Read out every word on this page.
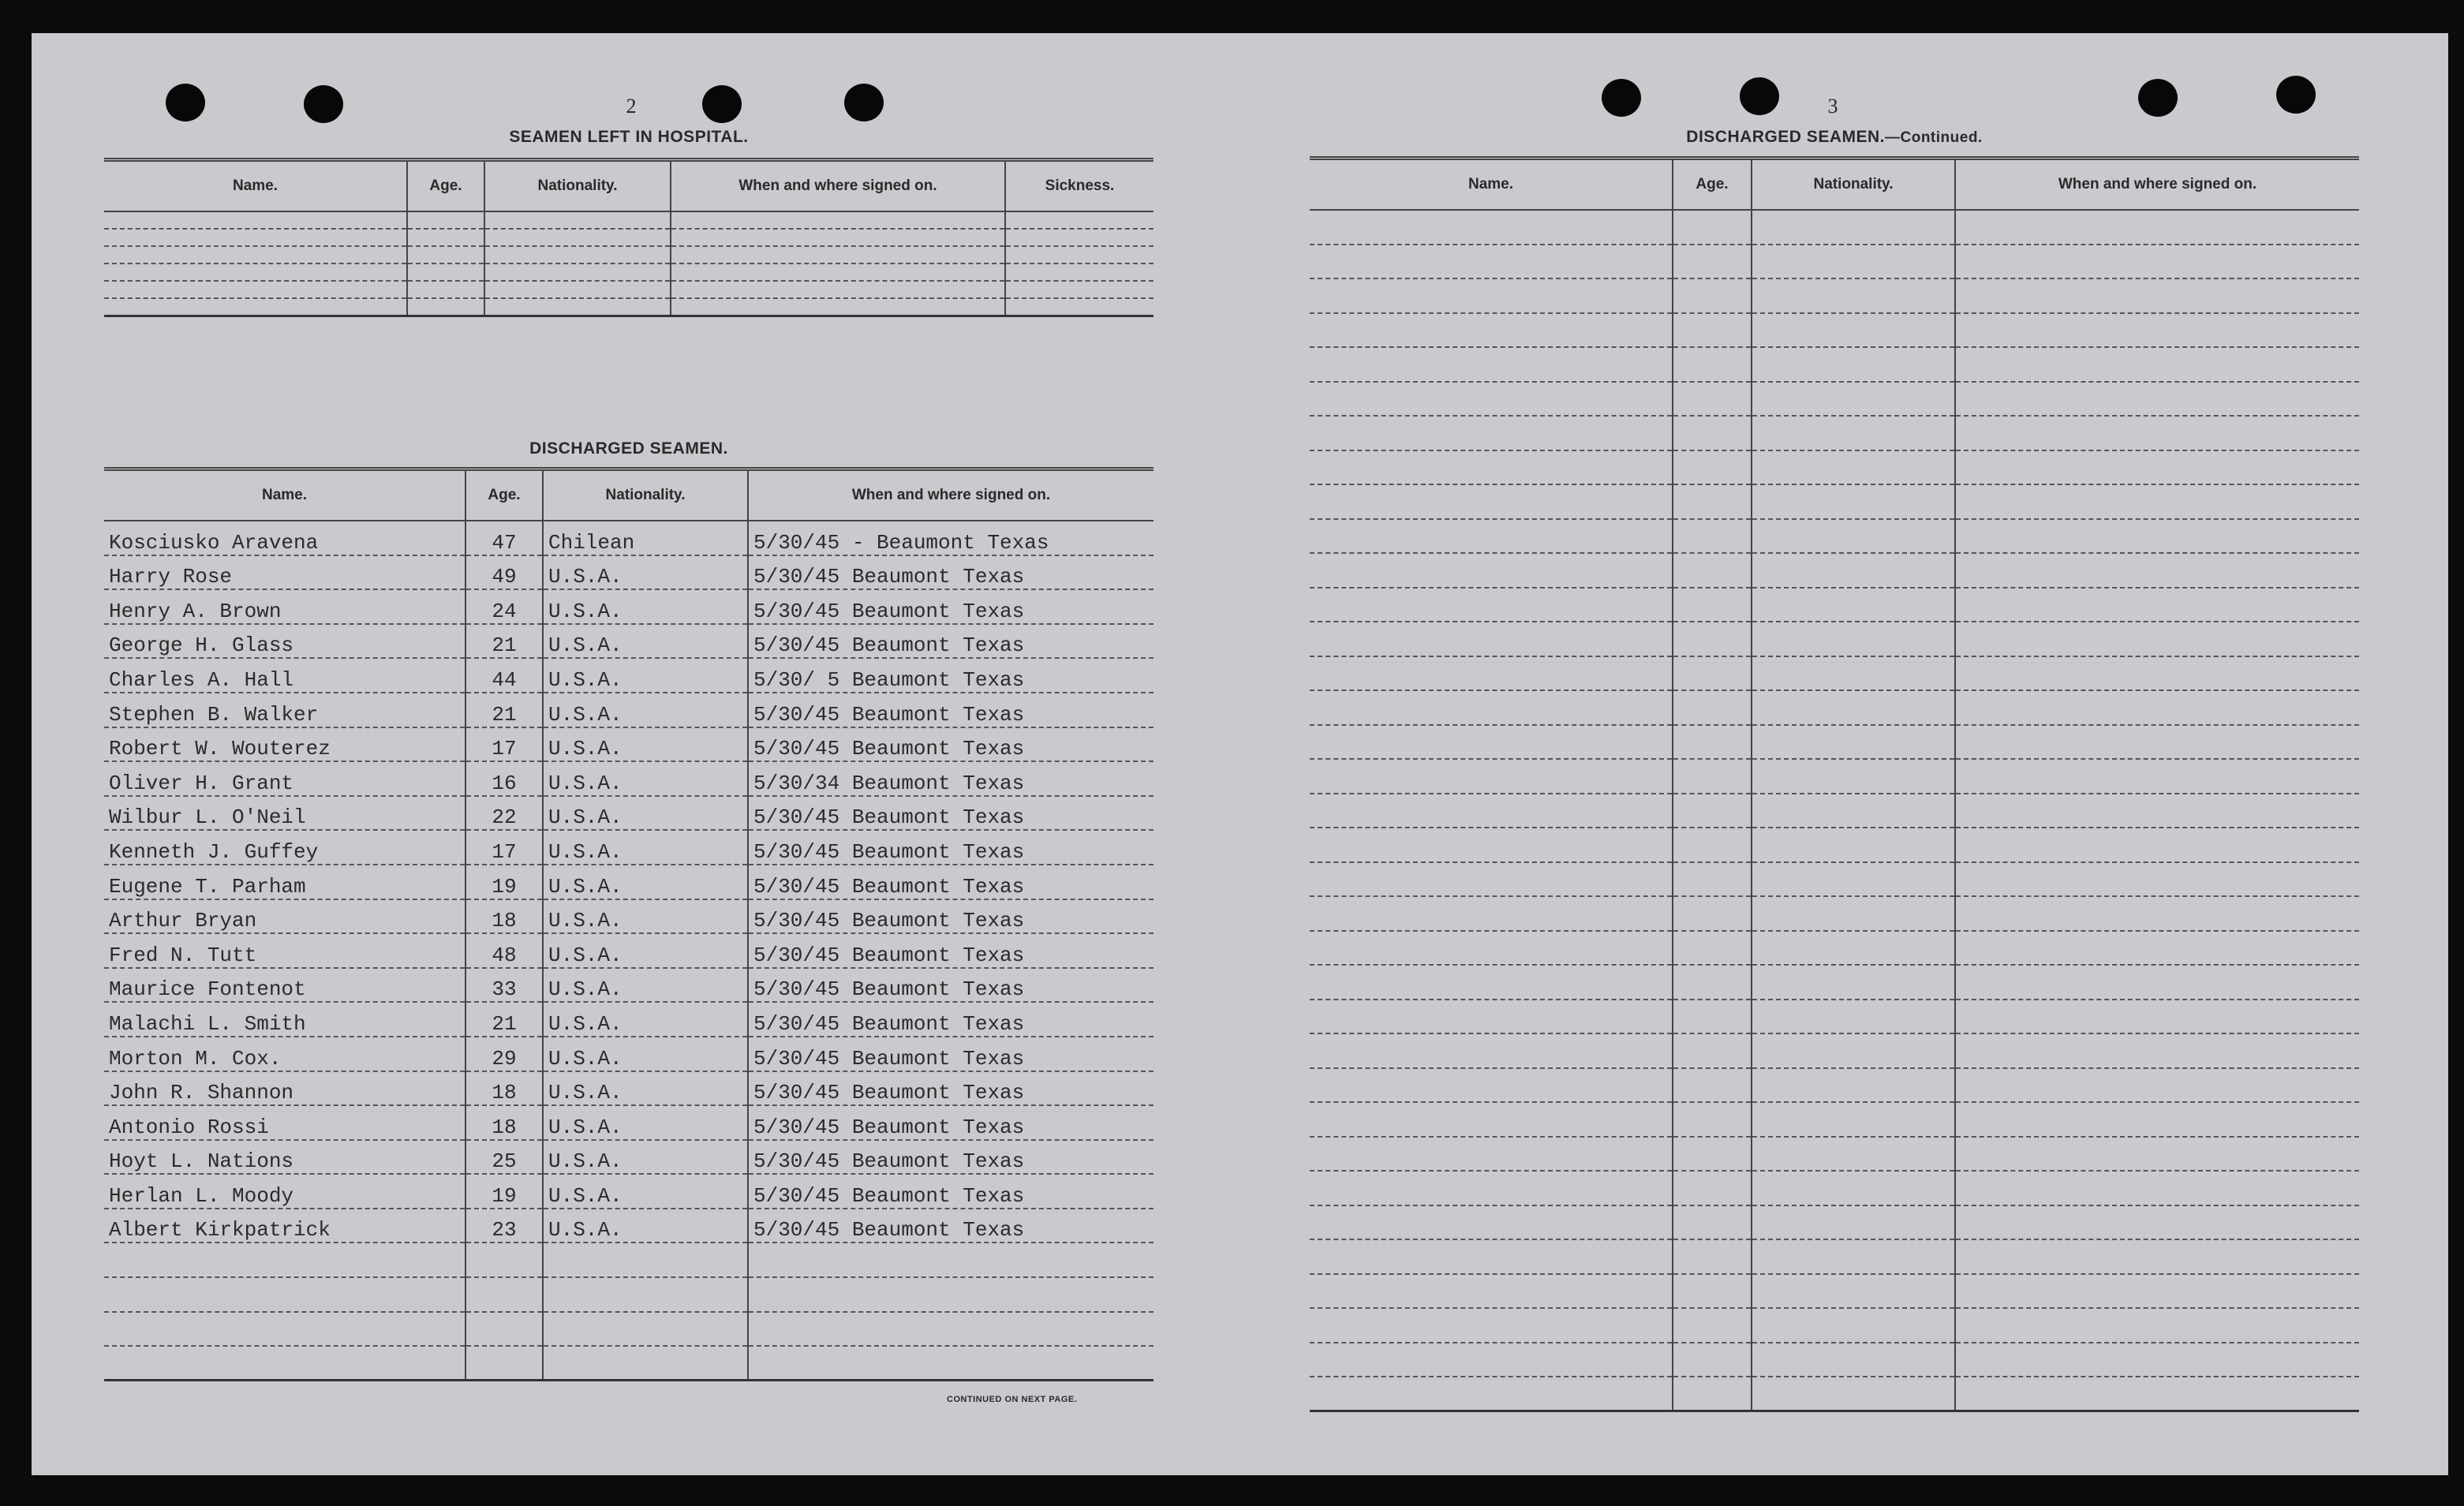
2
SEAMEN LEFT IN HOSPITAL.
Name.	Age.	Nationality.	When and where signed on.	Sickness.

DISCHARGED SEAMEN.
Name.	Age.	Nationality.	When and where signed on.
Kosciusko Aravena	47	Chilean	5/30/45 - Beaumont Texas
Harry Rose	49	U.S.A.	5/30/45 Beaumont Texas
Henry A. Brown	24	U.S.A.	5/30/45 Beaumont Texas
George H. Glass	21	U.S.A.	5/30/45 Beaumont Texas
Charles A. Hall	44	U.S.A.	5/30/ 5 Beaumont Texas
Stephen B. Walker	21	U.S.A.	5/30/45 Beaumont Texas
Robert W. Wouterez	17	U.S.A.	5/30/45 Beaumont Texas
Oliver H. Grant	16	U.S.A.	5/30/34 Beaumont Texas
Wilbur L. O'Neil	22	U.S.A.	5/30/45 Beaumont Texas
Kenneth J. Guffey	17	U.S.A.	5/30/45 Beaumont Texas
Eugene T. Parham	19	U.S.A.	5/30/45 Beaumont Texas
Arthur Bryan	18	U.S.A.	5/30/45 Beaumont Texas
Fred N. Tutt	48	U.S.A.	5/30/45 Beaumont Texas
Maurice Fontenot	33	U.S.A.	5/30/45 Beaumont Texas
Malachi L. Smith	21	U.S.A.	5/30/45 Beaumont Texas
Morton M. Cox.	29	U.S.A.	5/30/45 Beaumont Texas
John R. Shannon	18	U.S.A.	5/30/45 Beaumont Texas
Antonio Rossi	18	U.S.A.	5/30/45 Beaumont Texas
Hoyt L. Nations	25	U.S.A.	5/30/45 Beaumont Texas
Herlan L. Moody	19	U.S.A.	5/30/45 Beaumont Texas
Albert Kirkpatrick	23	U.S.A.	5/30/45 Beaumont Texas

CONTINUED ON NEXT PAGE.
3
DISCHARGED SEAMEN.—Continued.
Name.	Age.	Nationality.	When and where signed on.
